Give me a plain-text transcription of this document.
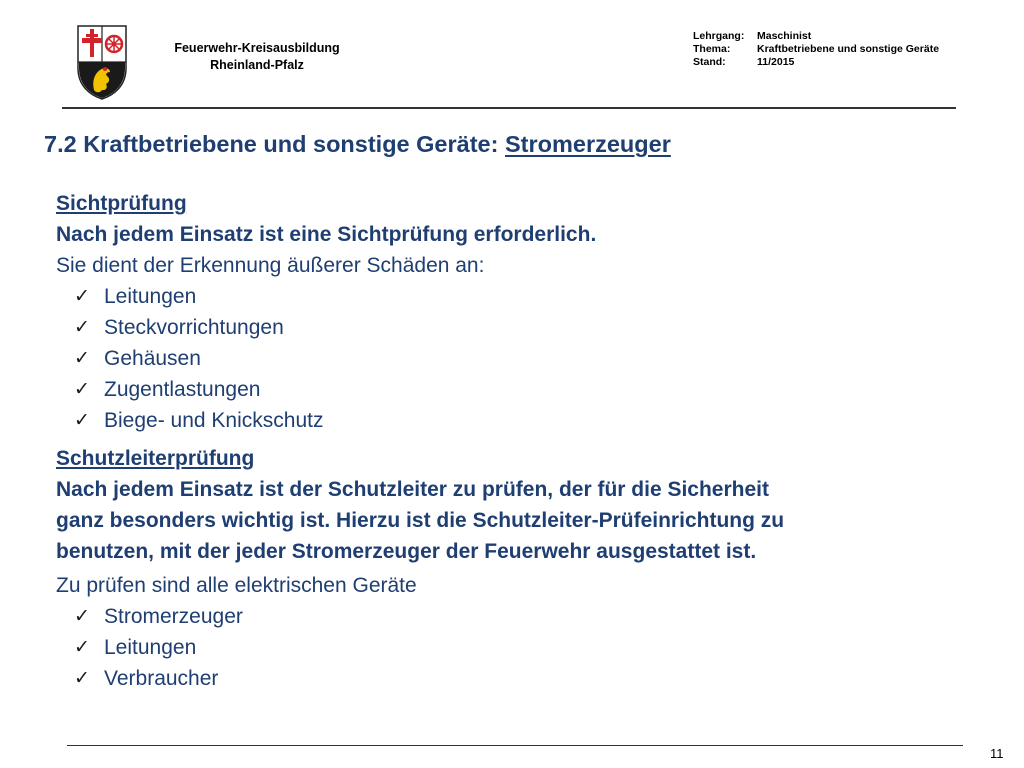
Feuerwehr-Kreisausbildung
Rheinland-Pfalz
Lehrgang:	Maschinist
Thema:	Kraftbetriebene und sonstige Geräte
Stand:	11/2015
7.2 Kraftbetriebene und sonstige Geräte: Stromerzeuger
Sichtprüfung
Nach jedem Einsatz ist eine Sichtprüfung erforderlich.
Sie dient der Erkennung äußerer Schäden an:
✓ Leitungen
✓ Steckvorrichtungen
✓ Gehäusen
✓ Zugentlastungen
✓ Biege- und Knickschutz
Schutzleiterprüfung
Nach jedem Einsatz ist der Schutzleiter zu prüfen, der für die Sicherheit
ganz besonders wichtig ist. Hierzu ist die Schutzleiter-Prüfeinrichtung zu
benutzen, mit der jeder Stromerzeuger der Feuerwehr ausgestattet ist.
Zu prüfen sind alle elektrischen Geräte
✓ Stromerzeuger
✓ Leitungen
✓ Verbraucher
11
